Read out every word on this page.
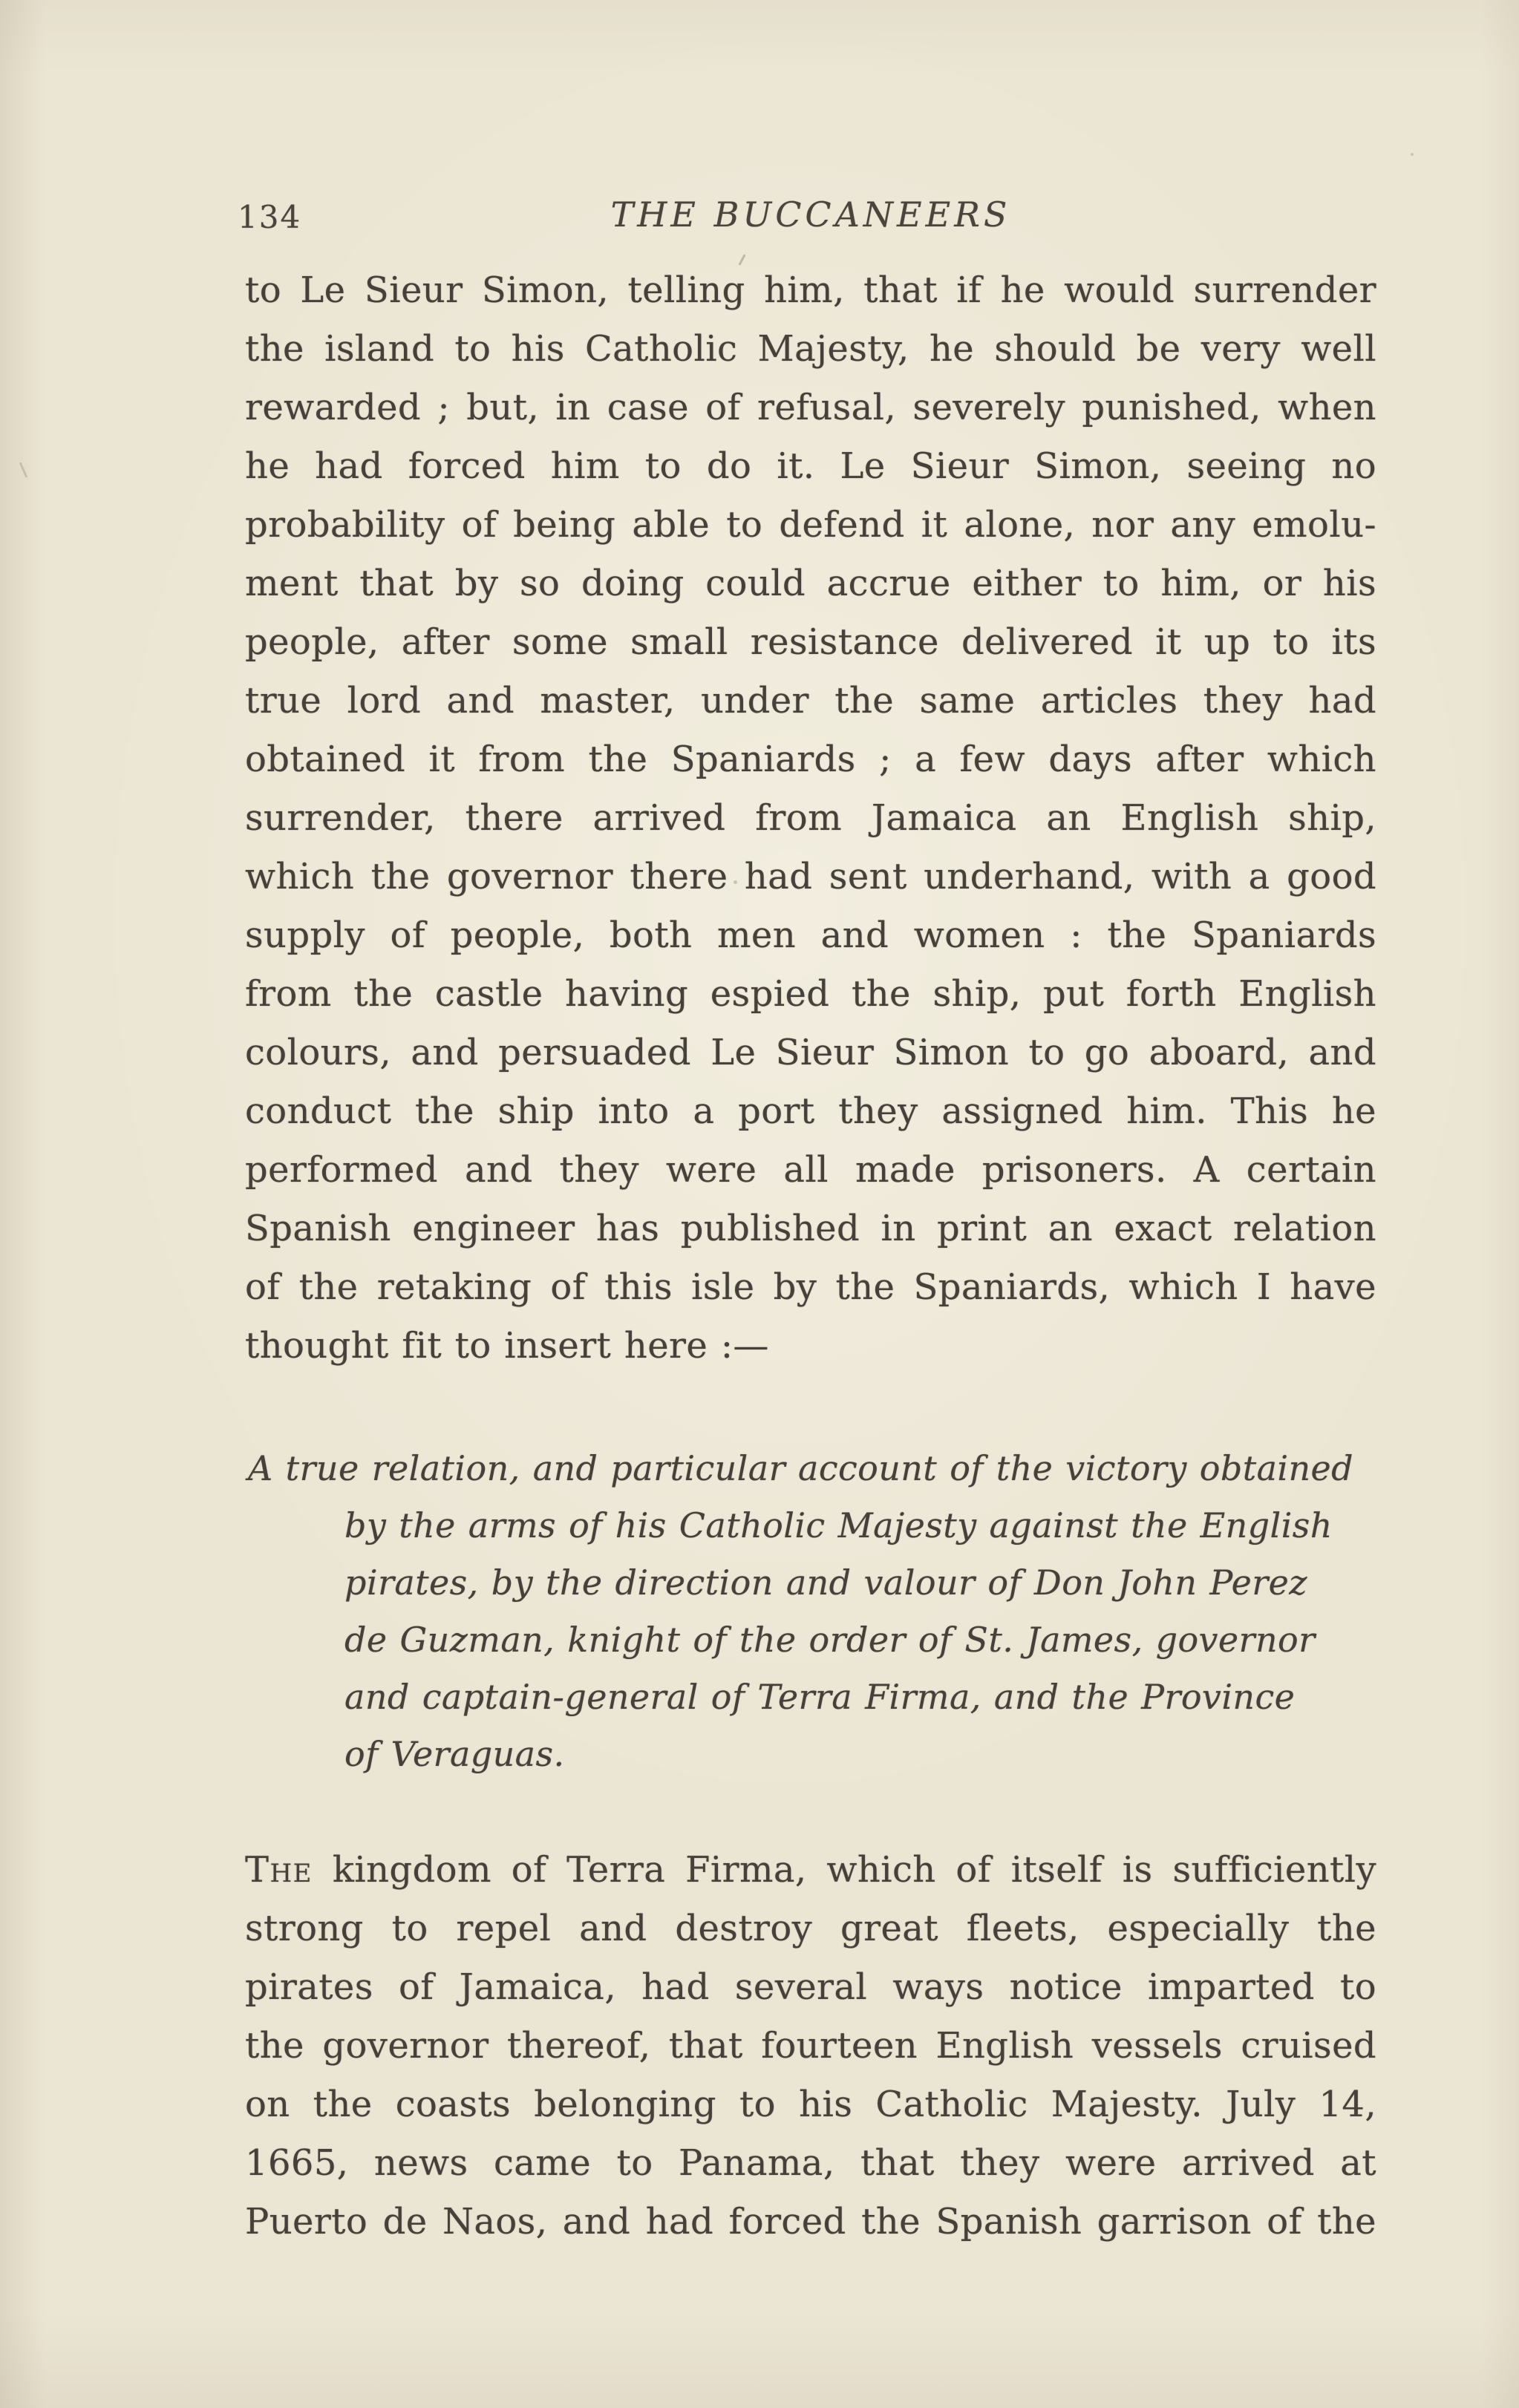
134	THE BUCCANEERS
to Le Sieur Simon, telling him, that if he would surrender
the island to his Catholic Majesty, he should be very well
rewarded ; but, in case of refusal, severely punished, when
he had forced him to do it. Le Sieur Simon, seeing no
probability of being able to defend it alone, nor any emolu-
ment that by so doing could accrue either to him, or his
people, after some small resistance delivered it up to its
true lord and master, under the same articles they had
obtained it from the Spaniards ; a few days after which
surrender, there arrived from Jamaica an English ship,
which the governor there had sent underhand, with a good
supply of people, both men and women : the Spaniards
from the castle having espied the ship, put forth English
colours, and persuaded Le Sieur Simon to go aboard, and
conduct the ship into a port they assigned him. This he
performed and they were all made prisoners. A certain
Spanish engineer has published in print an exact relation
of the retaking of this isle by the Spaniards, which I have
thought fit to insert here :—
A true relation, and particular account of the victory obtained
by the arms of his Catholic Majesty against the English
pirates, by the direction and valour of Don John Perez
de Guzman, knight of the order of St. James, governor
and captain-general of Terra Firma, and the Province
of Veraguas.
The kingdom of Terra Firma, which of itself is sufficiently
strong to repel and destroy great fleets, especially the
pirates of Jamaica, had several ways notice imparted to
the governor thereof, that fourteen English vessels cruised
on the coasts belonging to his Catholic Majesty. July 14,
1665, news came to Panama, that they were arrived at
Puerto de Naos, and had forced the Spanish garrison of the
